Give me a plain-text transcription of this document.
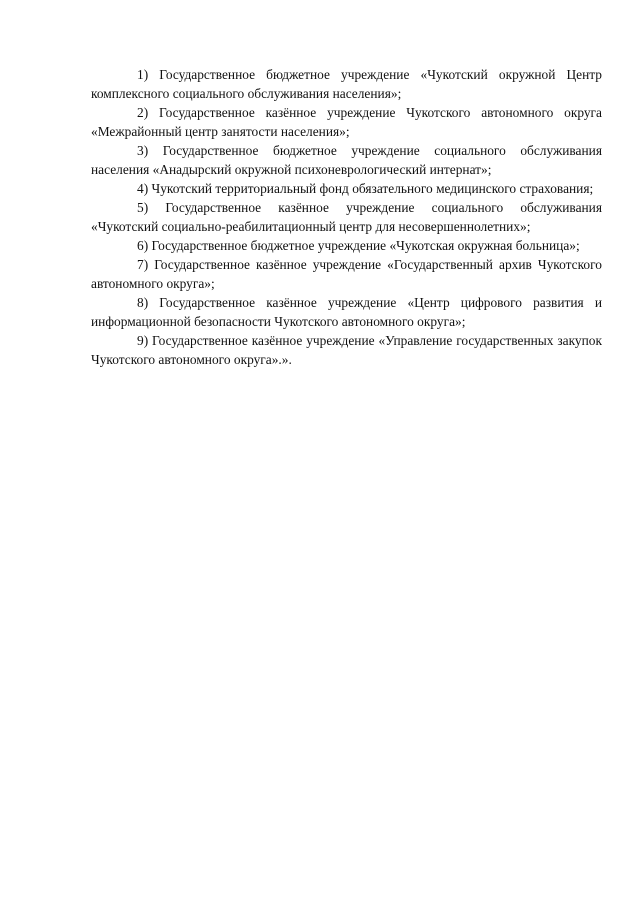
1) Государственное бюджетное учреждение «Чукотский окружной Центр комплексного социального обслуживания населения»;

2) Государственное казённое учреждение Чукотского автономного округа «Межрайонный центр занятости населения»;

3) Государственное бюджетное учреждение социального обслуживания населения «Анадырский окружной психоневрологический интернат»;

4) Чукотский территориальный фонд обязательного медицинского страхования;

5) Государственное казённое учреждение социального обслуживания «Чукотский социально-реабилитационный центр для несовершеннолетних»;

6) Государственное бюджетное учреждение «Чукотская окружная больница»;

7) Государственное казённое учреждение «Государственный архив Чукотского автономного округа»;

8) Государственное казённое учреждение «Центр цифрового развития и информационной безопасности Чукотского автономного округа»;

9) Государственное казённое учреждение «Управление государственных закупок Чукотского автономного округа».».
